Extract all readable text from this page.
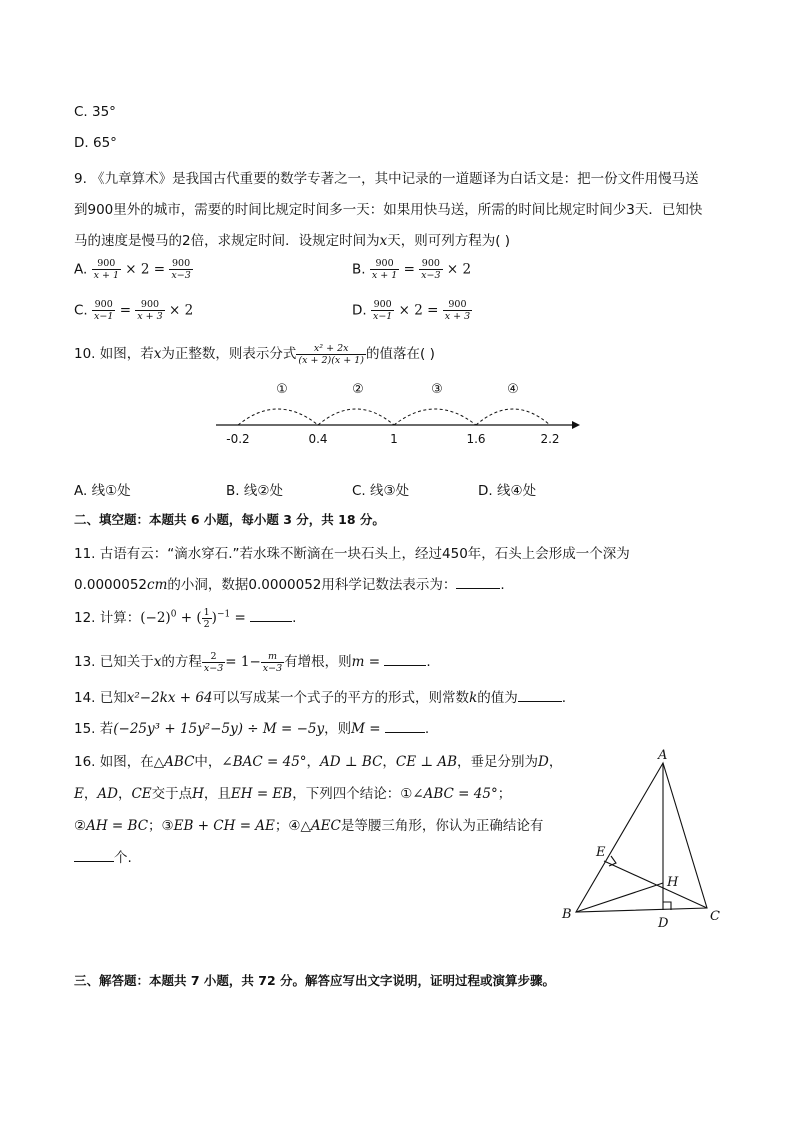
C. 35°
D. 65°
9. 《九章算术》是我国古代重要的数学专著之一，其中记录的一道题译为白话文是：把一份文件用慢马送
到900里外的城市，需要的时间比规定时间多一天：如果用快马送，所需的时间比规定时间少3天．已知快
马的速度是慢马的2倍，求规定时间．设规定时间为x天，则可列方程为( )
A. $\frac{900}{x + 1} \times 2 = \frac{900}{x-3}$	B. $\frac{900}{x + 1} = \frac{900}{x-3} \times 2$
C. $\frac{900}{x-1} = \frac{900}{x + 3} \times 2$	D. $\frac{900}{x-1} \times 2 = \frac{900}{x + 3}$
10. 如图，若x为正整数，则表示分式 $\frac{\text{x² + 2x}}{(x + 2)(x + 1)}$ 的值落在( )
①	②	③	④
-0.2	0.4	1	1.6	2.2
A. 线①处	B. 线②处	C. 线③处	D. 线④处
二、填空题：本题共 6 小题，每小题 3 分，共 18 分。
11. 古语有云：“滴水穿石.”若水珠不断滴在一块石头上，经过450年，石头上会形成一个深为
0.0000052cm的小洞，数据0.0000052用科学记数法表示为：	.
12. 计算：$(-2)^0$ + ( $\frac{1}{2} )^{-1}$ =	.
13. 已知关于x的方程 $\frac{2}{x-3} = 1- \frac{m}{x-3}$ 有增根，则m =	.
14. 已知x²−2kx + 64可以写成某一个式子的平方的形式，则常数k的值为	.
15. 若(−25y³ + 15y²−5y) ÷ M = −5y，则M =	.
16. 如图，在△ABC中，∠BAC = 45°，AD ⊥ BC，CE ⊥ AB，垂足分别为D，
E，AD，CE交于点H，且EH = EB，下列四个结论：①∠ABC = 45°；
②AH = BC；③EB + CH = AE；④△AEC是等腰三角形，你认为正确结论有
个.
A
B	C
D
E
H
三、解答题：本题共 7 小题，共 72 分。解答应写出文字说明，证明过程或演算步骤。
